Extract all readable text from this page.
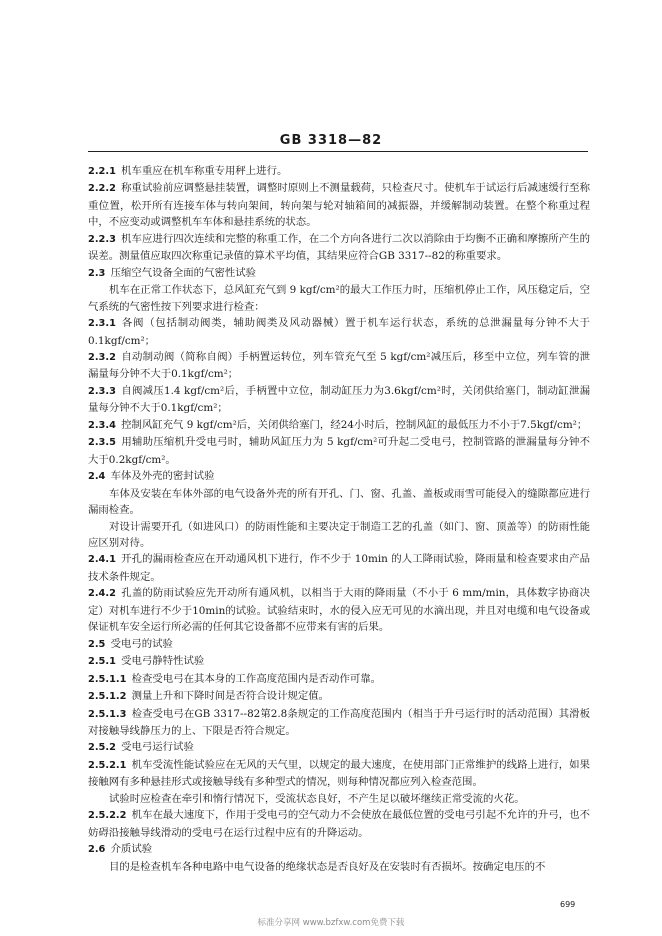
GB 3318—82

2.2.1  机车重应在机车称重专用秤上进行。

2.2.2  称重试验前应调整悬挂装置，调整时原则上不测量载荷，只检查尺寸。使机车于试运行后减速缓行至称重位置，松开所有连接车体与转向架间，转向架与轮对轴箱间的减振器，并缓解制动装置。在整个称重过程中，不应变动或调整机车车体和悬挂系统的状态。

2.2.3  机车应进行四次连续和完整的称重工作，在二个方向各进行二次以消除由于均衡不正确和摩擦所产生的误差。测量值应取四次称重记录值的算术平均值，其结果应符合GB 3317--82的称重要求。

2.3  压缩空气设备全面的气密性试验

机车在正常工作状态下，总风缸充气到 9 kgf/cm²的最大工作压力时，压缩机停止工作，风压稳定后，空气系统的气密性按下列要求进行检查：

2.3.1  各阀（包括制动阀类，辅助阀类及风动器械）置于机车运行状态，系统的总泄漏量每分钟不大于0.1kgf/cm²；

2.3.2  自动制动阀（简称自阀）手柄置运转位，列车管充气至 5 kgf/cm²减压后，移至中立位，列车管的泄漏量每分钟不大于0.1kgf/cm²；

2.3.3  自阀减压1.4 kgf/cm²后，手柄置中立位，制动缸压力为3.6kgf/cm²时，关闭供给塞门，制动缸泄漏量每分钟不大于0.1kgf/cm²；

2.3.4  控制风缸充气 9 kgf/cm²后，关闭供给塞门，经24小时后，控制风缸的最低压力不小于7.5kgf/cm²；

2.3.5  用辅助压缩机升受电弓时，辅助风缸压力为 5 kgf/cm²可升起二受电弓，控制管路的泄漏量每分钟不大于0.2kgf/cm²。

2.4  车体及外壳的密封试验

车体及安装在车体外部的电气设备外壳的所有开孔、门、窗、孔盖、盖板或雨雪可能侵入的缝隙都应进行漏雨检查。

对设计需要开孔（如进风口）的防雨性能和主要决定于制造工艺的孔盖（如门、窗、顶盖等）的防雨性能应区别对待。

2.4.1  开孔的漏雨检查应在开动通风机下进行，作不少于 10min 的人工降雨试验，降雨量和检查要求由产品技术条件规定。

2.4.2  孔盖的防雨试验应先开动所有通风机，以相当于大雨的降雨量（不小于 6 mm/min，具体数字协商决定）对机车进行不少于10min的试验。试验结束时，水的侵入应无可见的水滴出现，并且对电缆和电气设备或保证机车安全运行所必需的任何其它设备都不应带来有害的后果。

2.5  受电弓的试验

2.5.1  受电弓静特性试验

2.5.1.1  检查受电弓在其本身的工作高度范围内是否动作可靠。

2.5.1.2  测量上升和下降时间是否符合设计规定值。

2.5.1.3  检查受电弓在GB 3317--82第2.8条规定的工作高度范围内（相当于升弓运行时的活动范围）其滑板对接触导线静压力的上、下限是否符合规定。

2.5.2  受电弓运行试验

2.5.2.1  机车受流性能试验应在无风的天气里，以规定的最大速度，在使用部门正常维护的线路上进行，如果接触网有多种悬挂形式或接触导线有多种型式的情况，则每种情况都应列入检查范围。

试验时应检查在牵引和惰行情况下，受流状态良好，不产生足以破坏继续正常受流的火花。

2.5.2.2  机车在最大速度下，作用于受电弓的空气动力不会使放在最低位置的受电弓引起不允许的升弓，也不妨碍沿接触导线滑动的受电弓在运行过程中应有的升降运动。

2.6  介质试验

目的是检查机车各种电路中电气设备的绝缘状态是否良好及在安装时有否损坏。按确定电压的不

699
标准分享网 www.bzfxw.com免费下载
